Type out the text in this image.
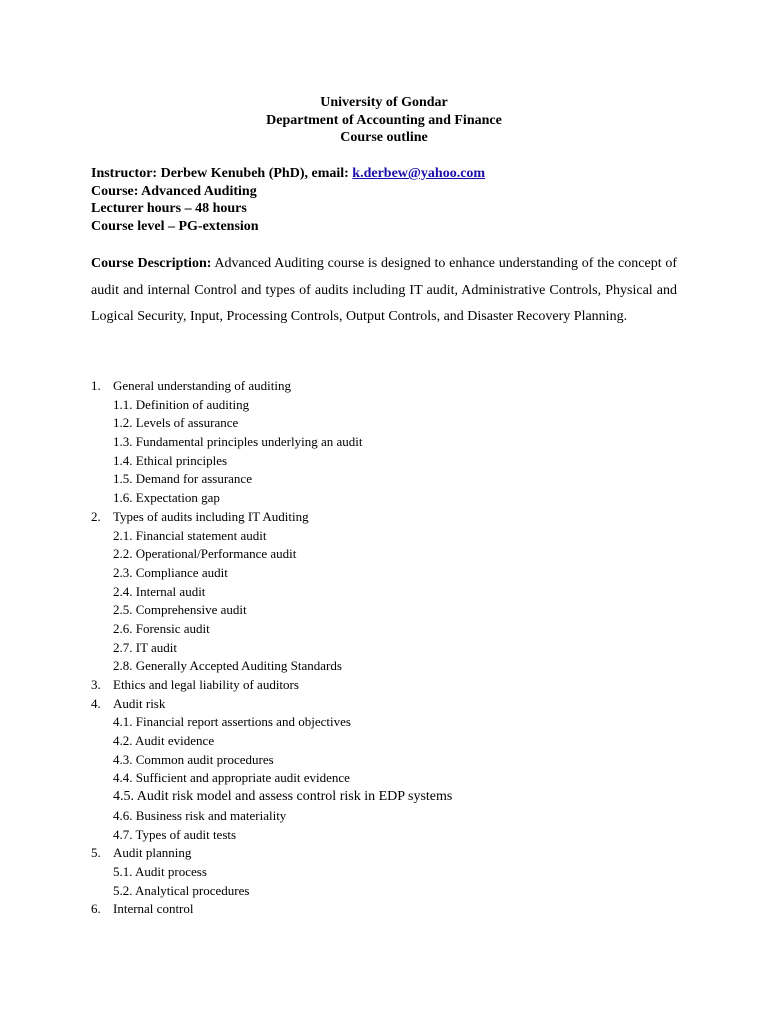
University of Gondar
Department of Accounting and Finance
Course outline
Instructor: Derbew Kenubeh (PhD), email: k.derbew@yahoo.com
Course: Advanced Auditing
Lecturer hours – 48 hours
Course level – PG-extension
Course Description: Advanced Auditing course is designed to enhance understanding of the concept of audit and internal Control and types of audits including IT audit, Administrative Controls, Physical and Logical Security, Input, Processing Controls, Output Controls, and Disaster Recovery Planning.
1. General understanding of auditing
1.1. Definition of auditing
1.2. Levels of assurance
1.3. Fundamental principles underlying an audit
1.4. Ethical principles
1.5. Demand for assurance
1.6. Expectation gap
2. Types of audits including IT Auditing
2.1. Financial statement audit
2.2. Operational/Performance audit
2.3. Compliance audit
2.4. Internal audit
2.5. Comprehensive audit
2.6. Forensic audit
2.7. IT audit
2.8. Generally Accepted Auditing Standards
3. Ethics and legal liability of auditors
4. Audit risk
4.1. Financial report assertions and objectives
4.2. Audit evidence
4.3. Common audit procedures
4.4. Sufficient and appropriate audit evidence
4.5. Audit risk model and assess control risk in EDP systems
4.6. Business risk and materiality
4.7. Types of audit tests
5. Audit planning
5.1. Audit process
5.2. Analytical procedures
6. Internal control
